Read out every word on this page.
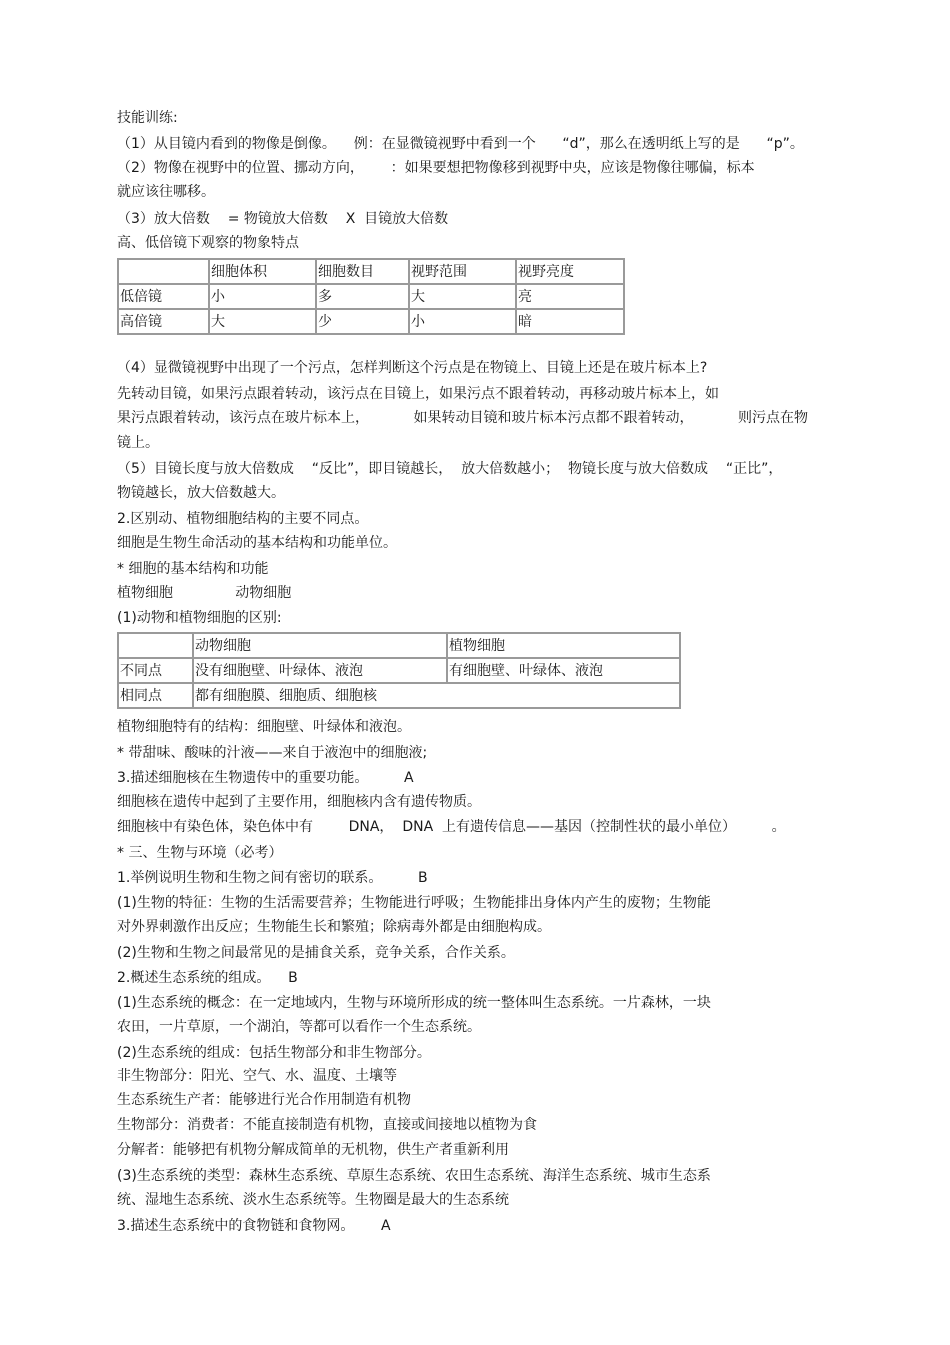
技能训练:
（1）从目镜内看到的物像是倒像。    例：在显微镜视野中看到一个      “d”，那么在透明纸上写的是      “p”。
（2）物像在视野中的位置、挪动方向，      ：如果要想把物像移到视野中央，应该是物像往哪偏，标本
就应该往哪移。
（3）放大倍数    = 物镜放大倍数    X  目镜放大倍数
高、低倍镜下观察的物象特点
	细胞体积	细胞数目	视野范围	视野亮度
低倍镜	小	多	大	亮
高倍镜	大	少	小	暗
（4）显微镜视野中出现了一个污点，怎样判断这个污点是在物镜上、目镜上还是在玻片标本上?
先转动目镜，如果污点跟着转动，该污点在目镜上，如果污点不跟着转动，再移动玻片标本上，如
果污点跟着转动，该污点在玻片标本上，          如果转动目镜和玻片标本污点都不跟着转动，          则污点在物
镜上。
（5）目镜长度与放大倍数成    “反比”，即目镜越长，  放大倍数越小；  物镜长度与放大倍数成    “正比”，
物镜越长，放大倍数越大。
2.区别动、植物细胞结构的主要不同点。
细胞是生物生命活动的基本结构和功能单位。
* 细胞的基本结构和功能
植物细胞              动物细胞
(1)动物和植物细胞的区别:
	动物细胞	植物细胞
不同点	没有细胞壁、叶绿体、液泡	有细胞壁、叶绿体、液泡
相同点	都有细胞膜、细胞质、细胞核	
植物细胞特有的结构：细胞壁、叶绿体和液泡。
* 带甜味、酸味的汁液——来自于液泡中的细胞液;
3.描述细胞核在生物遗传中的重要功能。        A
细胞核在遗传中起到了主要作用，细胞核内含有遗传物质。
细胞核中有染色体，染色体中有        DNA，  DNA  上有遗传信息——基因（控制性状的最小单位）        。
* 三、生物与环境（必考）
1.举例说明生物和生物之间有密切的联系。        B
(1)生物的特征：生物的生活需要营养；生物能进行呼吸；生物能排出身体内产生的废物；生物能
对外界刺激作出反应；生物能生长和繁殖；除病毒外都是由细胞构成。
(2)生物和生物之间最常见的是捕食关系，竞争关系，合作关系。
2.概述生态系统的组成。    B
(1)生态系统的概念：在一定地域内，生物与环境所形成的统一整体叫生态系统。一片森林，一块
农田，一片草原，一个湖泊，等都可以看作一个生态系统。
(2)生态系统的组成：包括生物部分和非生物部分。
非生物部分：阳光、空气、水、温度、土壤等
生态系统生产者：能够进行光合作用制造有机物
生物部分：消费者：不能直接制造有机物，直接或间接地以植物为食
分解者：能够把有机物分解成简单的无机物，供生产者重新利用
(3)生态系统的类型：森林生态系统、草原生态系统、农田生态系统、海洋生态系统、城市生态系
统、湿地生态系统、淡水生态系统等。生物圈是最大的生态系统
3.描述生态系统中的食物链和食物网。      A
